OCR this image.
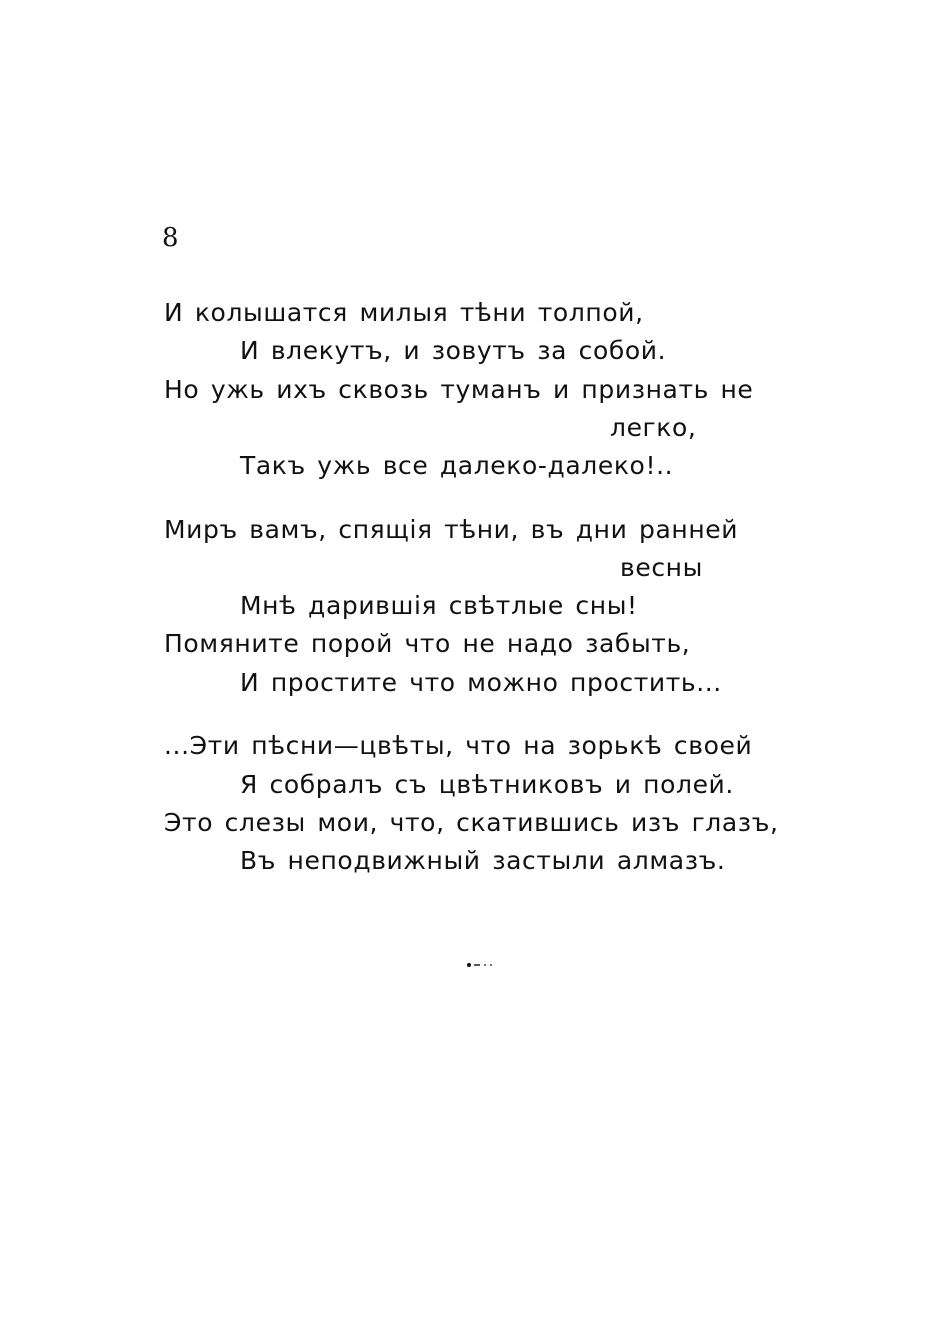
8
И колышатся милыя тѣни толпой,
И влекутъ, и зовутъ за собой.
Но ужь ихъ сквозь туманъ и признать не
легко,
Такъ ужь все далеко-далеко!..
Миръ вамъ, спящія тѣни, въ дни ранней
весны
Мнѣ дарившія свѣтлые сны!
Помяните порой что не надо забыть,
И простите что можно простить...
...Эти пѣсни—цвѣты, что на зорькѣ своей
Я собралъ съ цвѣтниковъ и полей.
Это слезы мои, что, скатившись изъ глазъ,
Въ неподвижный застыли алмазъ.
